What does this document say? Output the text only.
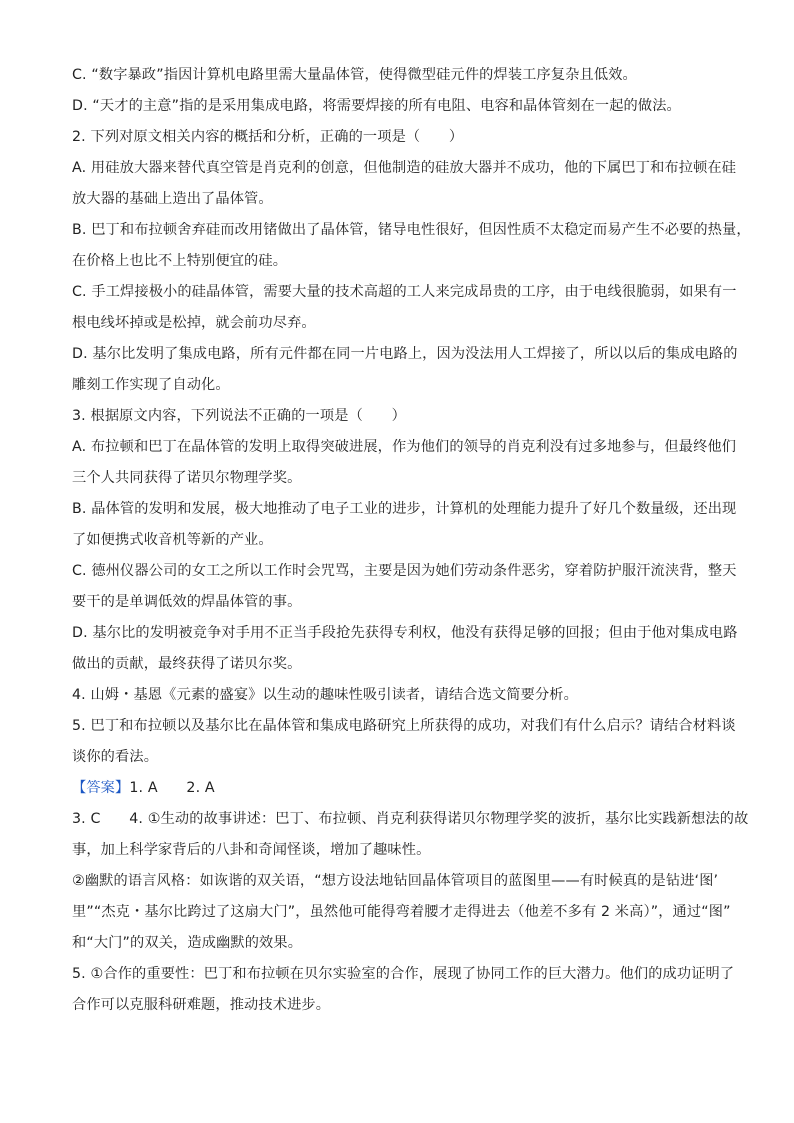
C. “数字暴政”指因计算机电路里需大量晶体管，使得微型硅元件的焊装工序复杂且低效。
D. “天才的主意”指的是采用集成电路，将需要焊接的所有电阻、电容和晶体管刻在一起的做法。
2. 下列对原文相关内容的概括和分析，正确的一项是（　　）
A. 用硅放大器来替代真空管是肖克利的创意，但他制造的硅放大器并不成功，他的下属巴丁和布拉顿在硅
放大器的基础上造出了晶体管。
B. 巴丁和布拉顿舍弃硅而改用锗做出了晶体管，锗导电性很好，但因性质不太稳定而易产生不必要的热量，
在价格上也比不上特别便宜的硅。
C. 手工焊接极小的硅晶体管，需要大量的技术高超的工人来完成昂贵的工序，由于电线很脆弱，如果有一
根电线坏掉或是松掉，就会前功尽弃。
D. 基尔比发明了集成电路，所有元件都在同一片电路上，因为没法用人工焊接了，所以以后的集成电路的
雕刻工作实现了自动化。
3. 根据原文内容，下列说法不正确的一项是（　　）
A. 布拉顿和巴丁在晶体管的发明上取得突破进展，作为他们的领导的肖克利没有过多地参与，但最终他们
三个人共同获得了诺贝尔物理学奖。
B. 晶体管的发明和发展，极大地推动了电子工业的进步，计算机的处理能力提升了好几个数量级，还出现
了如便携式收音机等新的产业。
C. 德州仪器公司的女工之所以工作时会咒骂，主要是因为她们劳动条件恶劣，穿着防护服汗流浃背，整天
要干的是单调低效的焊晶体管的事。
D. 基尔比的发明被竞争对手用不正当手段抢先获得专利权，他没有获得足够的回报；但由于他对集成电路
做出的贡献，最终获得了诺贝尔奖。
4. 山姆・基恩《元素的盛宴》以生动的趣味性吸引读者，请结合选文简要分析。
5. 巴丁和布拉顿以及基尔比在晶体管和集成电路研究上所获得的成功，对我们有什么启示？请结合材料谈
谈你的看法。
【答案】1. A　　2. A
3. C　　4. ①生动的故事讲述：巴丁、布拉顿、肖克利获得诺贝尔物理学奖的波折，基尔比实践新想法的故
事，加上科学家背后的八卦和奇闻怪谈，增加了趣味性。
②幽默的语言风格：如诙谐的双关语，“想方设法地钻回晶体管项目的蓝图里——有时候真的是钻进‘图’
里”“杰克・基尔比跨过了这扇大门”，虽然他可能得弯着腰才走得进去（他差不多有 2 米高）”，通过“图”
和“大门”的双关，造成幽默的效果。
5. ①合作的重要性：巴丁和布拉顿在贝尔实验室的合作，展现了协同工作的巨大潜力。他们的成功证明了
合作可以克服科研难题，推动技术进步。
